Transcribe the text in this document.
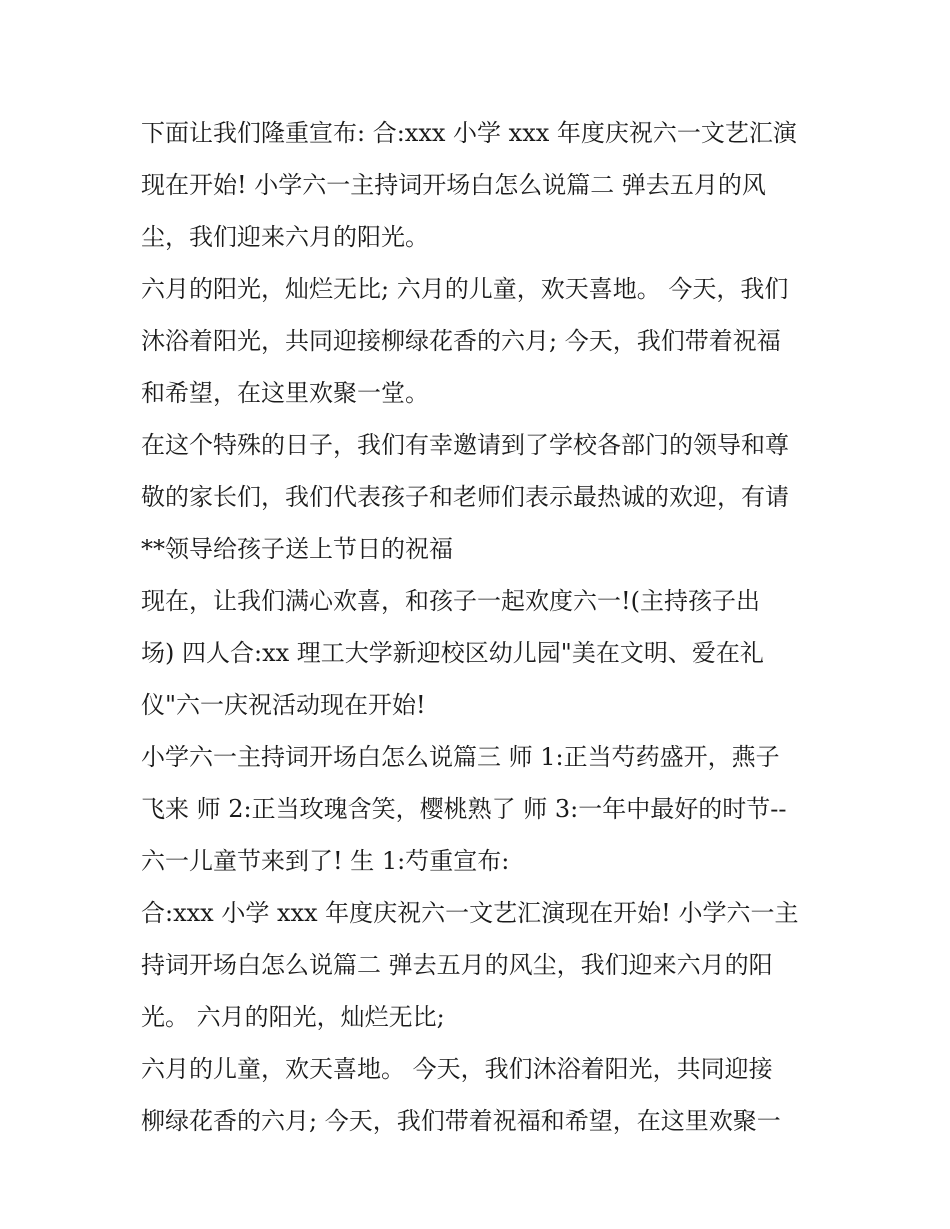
下面让我们隆重宣布: 合:xxx 小学 xxx 年度庆祝六一文艺汇演
现在开始! 小学六一主持词开场白怎么说篇二 弹去五月的风
尘，我们迎来六月的阳光。

六月的阳光，灿烂无比; 六月的儿童，欢天喜地。 今天，我们
沐浴着阳光，共同迎接柳绿花香的六月; 今天，我们带着祝福
和希望，在这里欢聚一堂。

在这个特殊的日子，我们有幸邀请到了学校各部门的领导和尊
敬的家长们，我们代表孩子和老师们表示最热诚的欢迎，有请
**领导给孩子送上节日的祝福

现在，让我们满心欢喜，和孩子一起欢度六一!(主持孩子出
场) 四人合:xx 理工大学新迎校区幼儿园"美在文明、爱在礼
仪"六一庆祝活动现在开始!

小学六一主持词开场白怎么说篇三 师 1:正当芍药盛开，燕子
飞来 师 2:正当玫瑰含笑，樱桃熟了 师 3:一年中最好的时节--
六一儿童节来到了! 生 1:芍重宣布:

合:xxx 小学 xxx 年度庆祝六一文艺汇演现在开始! 小学六一主
持词开场白怎么说篇二 弹去五月的风尘，我们迎来六月的阳
光。 六月的阳光，灿烂无比;

六月的儿童，欢天喜地。 今天，我们沐浴着阳光，共同迎接
柳绿花香的六月; 今天，我们带着祝福和希望，在这里欢聚一
